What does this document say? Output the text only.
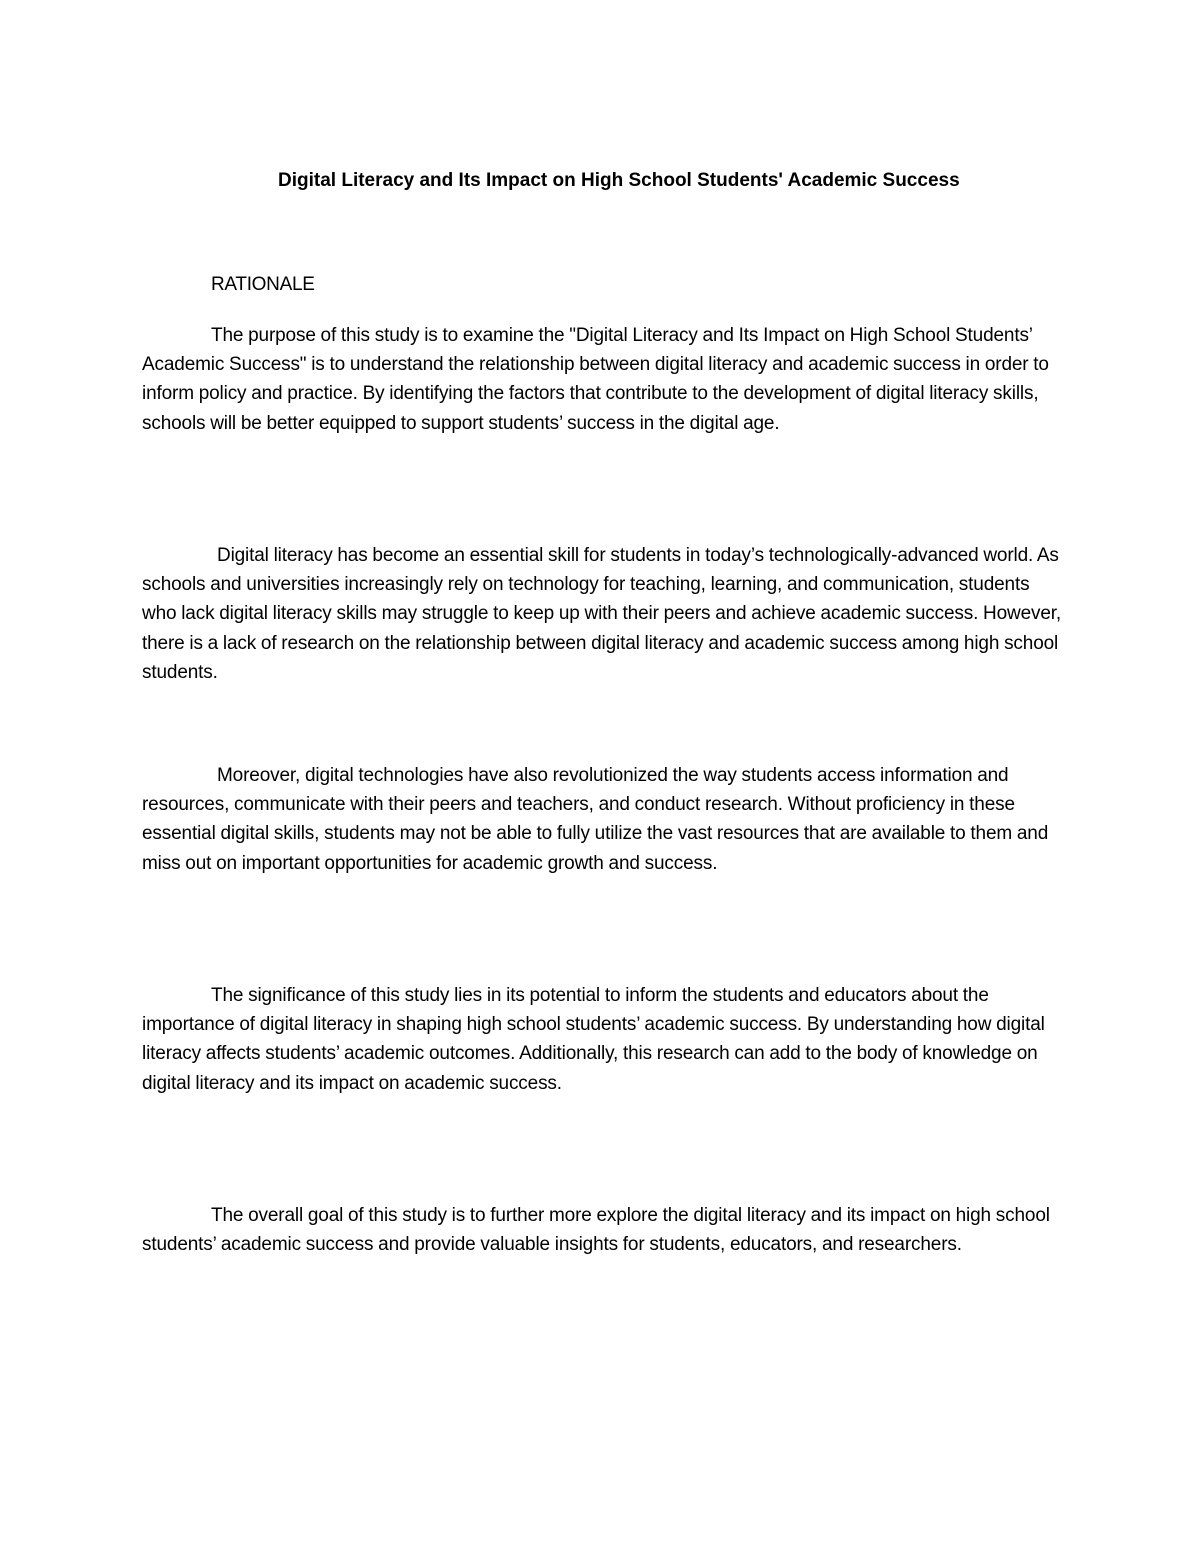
Digital Literacy and Its Impact on High School Students' Academic Success
RATIONALE

The purpose of this study is to examine the "Digital Literacy and Its Impact on High School Students’ Academic Success" is to understand the relationship between digital literacy and academic success in order to inform policy and practice. By identifying the factors that contribute to the development of digital literacy skills, schools will be better equipped to support students’ success in the digital age.

Digital literacy has become an essential skill for students in today’s technologically-advanced world. As schools and universities increasingly rely on technology for teaching, learning, and communication, students who lack digital literacy skills may struggle to keep up with their peers and achieve academic success. However, there is a lack of research on the relationship between digital literacy and academic success among high school students.

Moreover, digital technologies have also revolutionized the way students access information and resources, communicate with their peers and teachers, and conduct research. Without proficiency in these essential digital skills, students may not be able to fully utilize the vast resources that are available to them and miss out on important opportunities for academic growth and success.

The significance of this study lies in its potential to inform the students and educators about the importance of digital literacy in shaping high school students’ academic success. By understanding how digital literacy affects students’ academic outcomes. Additionally, this research can add to the body of knowledge on digital literacy and its impact on academic success.

The overall goal of this study is to further more explore the digital literacy and its impact on high school students’ academic success and provide valuable insights for students, educators, and researchers.
